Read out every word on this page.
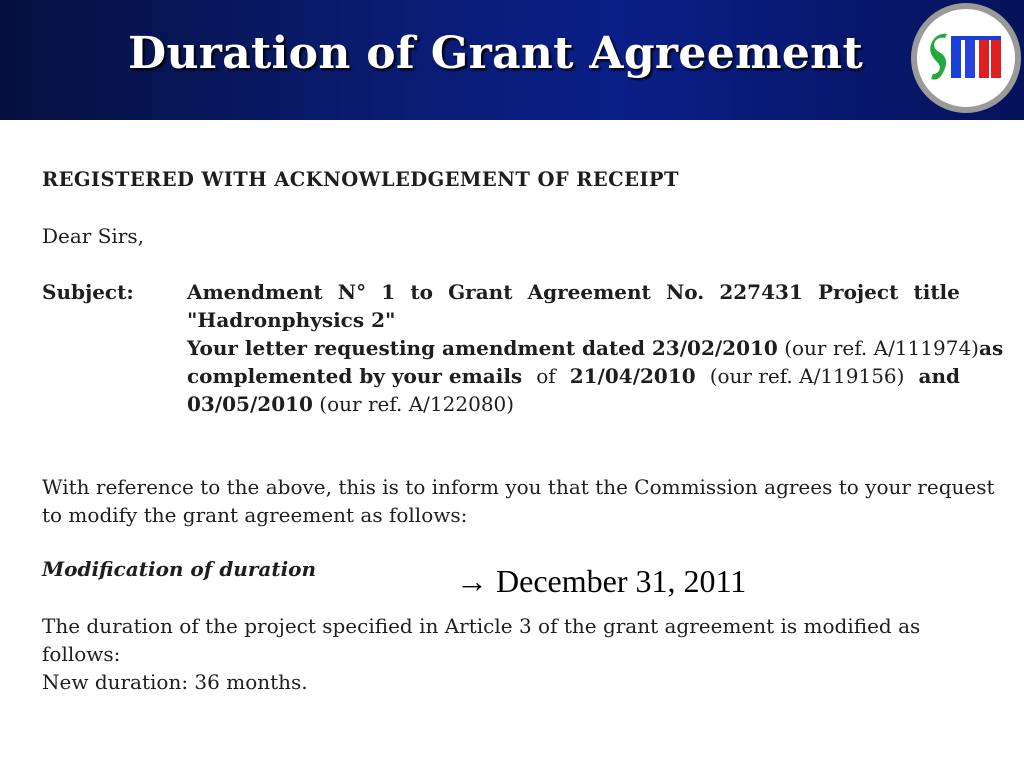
Duration of Grant Agreement
REGISTERED WITH ACKNOWLEDGEMENT OF RECEIPT
Dear Sirs,
Subject:	Amendment N° 1 to Grant Agreement No. 227431 Project title
"Hadronphysics 2"
Your letter requesting amendment dated 23/02/2010 (our ref. A/111974) as
complemented by your emails of 21/04/2010 (our ref. A/119156) and
03/05/2010 (our ref. A/122080)
With reference to the above, this is to inform you that the Commission agrees to your request
to modify the grant agreement as follows:
Modification of duration
The duration of the project specified in Article 3 of the grant agreement is modified as
follows:
New duration: 36 months.
→ December 31, 2011
